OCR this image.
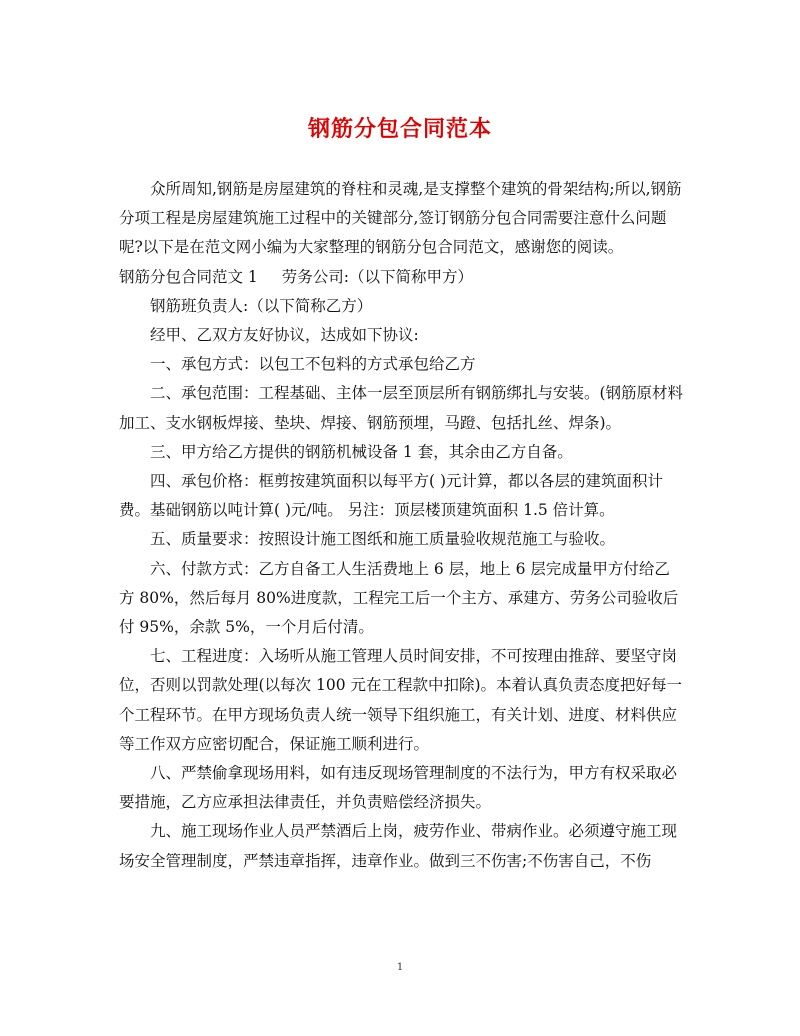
钢筋分包合同范本

众所周知,钢筋是房屋建筑的脊柱和灵魂,是支撑整个建筑的骨架结构;所以,钢筋分项工程是房屋建筑施工过程中的关键部分,签订钢筋分包合同需要注意什么问题呢?以下是在范文网小编为大家整理的钢筋分包合同范文，感谢您的阅读。

钢筋分包合同范文 1 劳务公司:（以下简称甲方）

钢筋班负责人:（以下简称乙方）

经甲、乙双方友好协议，达成如下协议:

一、承包方式：以包工不包料的方式承包给乙方

二、承包范围：工程基础、主体一层至顶层所有钢筋绑扎与安装。(钢筋原材料加工、支水钢板焊接、垫块、焊接、钢筋预埋，马蹬、包括扎丝、焊条)。

三、甲方给乙方提供的钢筋机械设备 1 套，其余由乙方自备。

四、承包价格：框剪按建筑面积以每平方( )元计算，都以各层的建筑面积计费。基础钢筋以吨计算( )元/吨。 另注：顶层楼顶建筑面积 1.5 倍计算。

五、质量要求：按照设计施工图纸和施工质量验收规范施工与验收。

六、付款方式：乙方自备工人生活费地上 6 层，地上 6 层完成量甲方付给乙方 80%，然后每月 80%进度款，工程完工后一个主方、承建方、劳务公司验收后付 95%，余款 5%，一个月后付清。

七、工程进度：入场听从施工管理人员时间安排，不可按理由推辞、要坚守岗位，否则以罚款处理(以每次 100 元在工程款中扣除)。本着认真负责态度把好每一个工程环节。在甲方现场负责人统一领导下组织施工，有关计划、进度、材料供应等工作双方应密切配合，保证施工顺利进行。

八、严禁偷拿现场用料，如有违反现场管理制度的不法行为，甲方有权采取必要措施，乙方应承担法律责任，并负责赔偿经济损失。

九、施工现场作业人员严禁酒后上岗，疲劳作业、带病作业。必须遵守施工现场安全管理制度，严禁违章指挥，违章作业。做到三不伤害;不伤害自己，不伤

1
